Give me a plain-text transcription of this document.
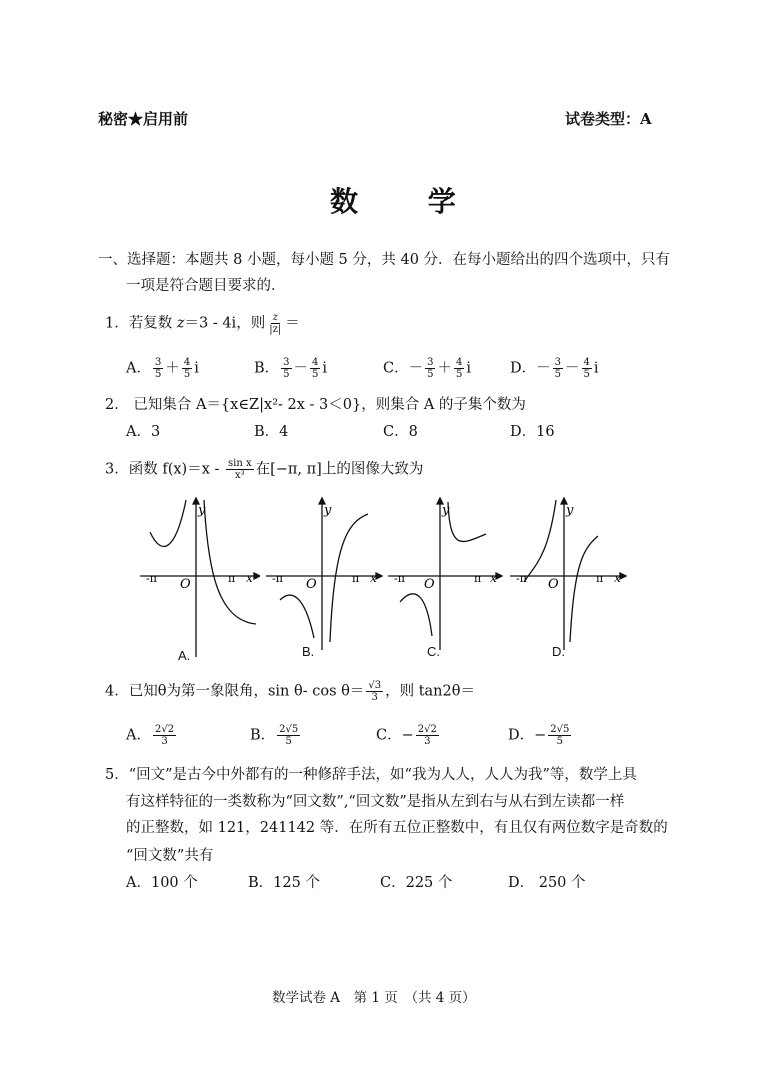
秘密★启用前	试卷类型：A
数 学
一、选择题：本题共 8 小题，每小题 5 分，共 40 分．在每小题给出的四个选项中，只有
一项是符合题目要求的．
1．若复数 z＝3 - 4i，则 $\frac{z}{|z|}$ ＝
A． $\frac{3}{5} + \frac{4}{5}$ i	B． $\frac{3}{5} - \frac{4}{5}$ i	C．－ $\frac{3}{5} + \frac{4}{5}$ i	D．－ $\frac{3}{5} - \frac{4}{5}$ i
2． 已知集合 A＝{x∈Z|x²- 2x - 3＜0}，则集合 A 的子集个数为
A．3	B．4	C．8	D．16
3．函数 $f(x)=x - \frac{\text{sin x}}{\text{x³}}$ 在[−π, π]上的图像大致为
y
x
O
-π	π
A.
y
x
O
-π	π
B.
y
x
O
-π	π
C.
y
x
O
-π	π
D.
4．已知θ为第一象限角，sin θ- $\cos \theta= \frac{√3}{3}$ ，则 tan2θ＝
A． $\frac{2√2}{3}$	B． $\frac{2√5}{5}$	C．− $\frac{2√2}{3}$	D．− $\frac{2√5}{5}$
5．“回文”是古今中外都有的一种修辞手法，如“我为人人，人人为我”等，数学上具
有这样特征的一类数称为“回文数”,“回文数”是指从左到右与从右到左读都一样
的正整数，如 121，241142 等．在所有五位正整数中，有且仅有两位数字是奇数的
“回文数”共有
A．100 个	B．125 个	C．225 个	D． 250 个
数学试卷 A　第 1 页　（共 4 页）
